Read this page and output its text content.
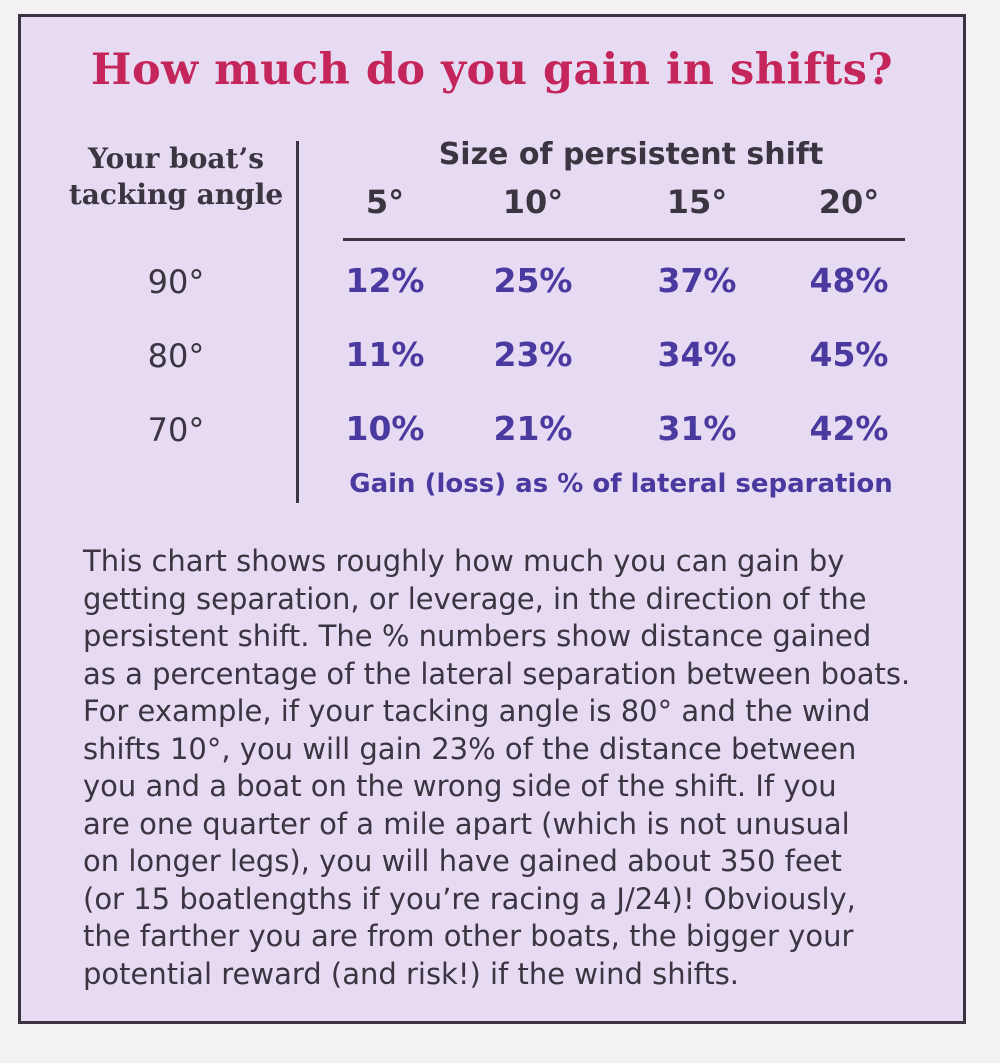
How much do you gain in shifts?
Your boat’s
tacking angle
Size of persistent shift
5°	10°	15°	20°
90°	12%	25%	37%	48%
80°	11%	23%	34%	45%
70°	10%	21%	31%	42%
Gain (loss) as % of lateral separation
This chart shows roughly how much you can gain by
getting separation, or leverage, in the direction of the
persistent shift. The % numbers show distance gained
as a percentage of the lateral separation between boats.
For example, if your tacking angle is 80° and the wind
shifts 10°, you will gain 23% of the distance between
you and a boat on the wrong side of the shift. If you
are one quarter of a mile apart (which is not unusual
on longer legs), you will have gained about 350 feet
(or 15 boatlengths if you’re racing a J/24)! Obviously,
the farther you are from other boats, the bigger your
potential reward (and risk!) if the wind shifts.
